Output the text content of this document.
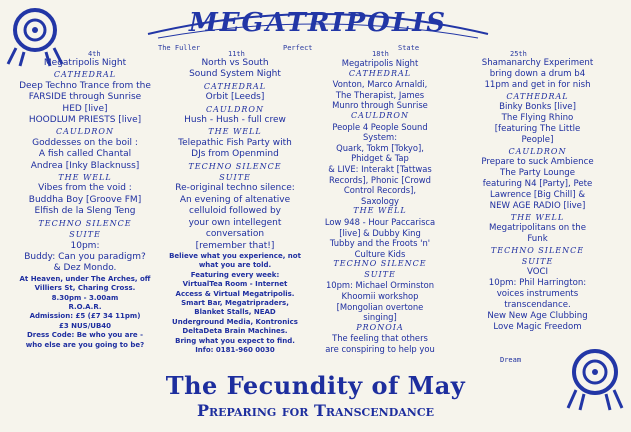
MEGATRIPOLIS
The Fuller	Perfect	State
4th	11th	18th	25th

Megatripolis Night

CATHEDRAL

Deep Techno Trance from the

FARSIDE through Sunrise

HED [live]

HOODLUM PRIESTS [live]

CAULDRON

Goddesses on the boil :

A fish called Chantal

Andrea [Inky Blacknuss]

THE WELL

Vibes from the void :

Buddha Boy [Groove FM]

Elfish de la Sleng Teng

TECHNO SILENCE

SUITE

10pm:

Buddy: Can you paradigm?

& Dez Mondo.

At Heaven, under The Arches, off

Villiers St, Charing Cross.

8.30pm - 3.00am

R.O.A.R.

Admission: £5 (£7 34 11pm)

£3 NUS/UB40

Dress Code: Be who you are -

who else are you going to be?

North vs South

Sound System Night

CATHEDRAL

Orbit [Leeds]

CAULDRON

Hush - Hush - full crew

THE WELL

Telepathic Fish Party with

DJs from Openmind

TECHNO SILENCE

SUITE

Re-original techno silence:

An evening of altenative

celluloid followed by

your own intellegent

conversation

[remember that!]

Believe what you experience, not

what you are told.

Featuring every week:

VirtualTea Room - Internet

Access & Virtual Megatripolis.

Smart Bar, Megatripraders,

Blanket Stalls, NEAD

Underground Media, Kontronics

DeltaDeta Brain Machines.

Bring what you expect to find.

Info: 0181-960 0030

Megatripolis Night

CATHEDRAL

Vonton, Marco Arnaldi,

The Therapist, James

Munro through Sunrise

CAULDRON

People 4 People Sound

System:

Quark, Tokm [Tokyo],

Phidget & Tap

& LIVE: Interakt [Tattwas

Records], Phonic [Crowd

Control Records],

Saxology

THE WELL

Low 948 - Hour Paccarisca

[live] & Dubby King

Tubby and the Froots 'n'

Culture Kids

TECHNO SILENCE

SUITE

10pm: Michael Orminston

Khoomii workshop

[Mongolian overtone

singing]

PRONOIA

The feeling that others

are conspiring to help you

Shamanarchy Experiment

bring down a drum b4

11pm and get in for nish

CATHEDRAL

Binky Bonks [live]

The Flying Rhino

[featuring The Little

People]

CAULDRON

Prepare to suck Ambience

The Party Lounge

featuring N4 [Party], Pete

Lawrence [Big Chill] &

NEW AGE RADIO [live]

THE WELL

Megatripolitans on the

Funk

TECHNO SILENCE

SUITE

VOCI

10pm: Phil Harrington:

voices instruments

transcendance.

New New Age Clubbing

Love Magic Freedom

Dream
The Fecundity of May
Preparing for Transcendance
